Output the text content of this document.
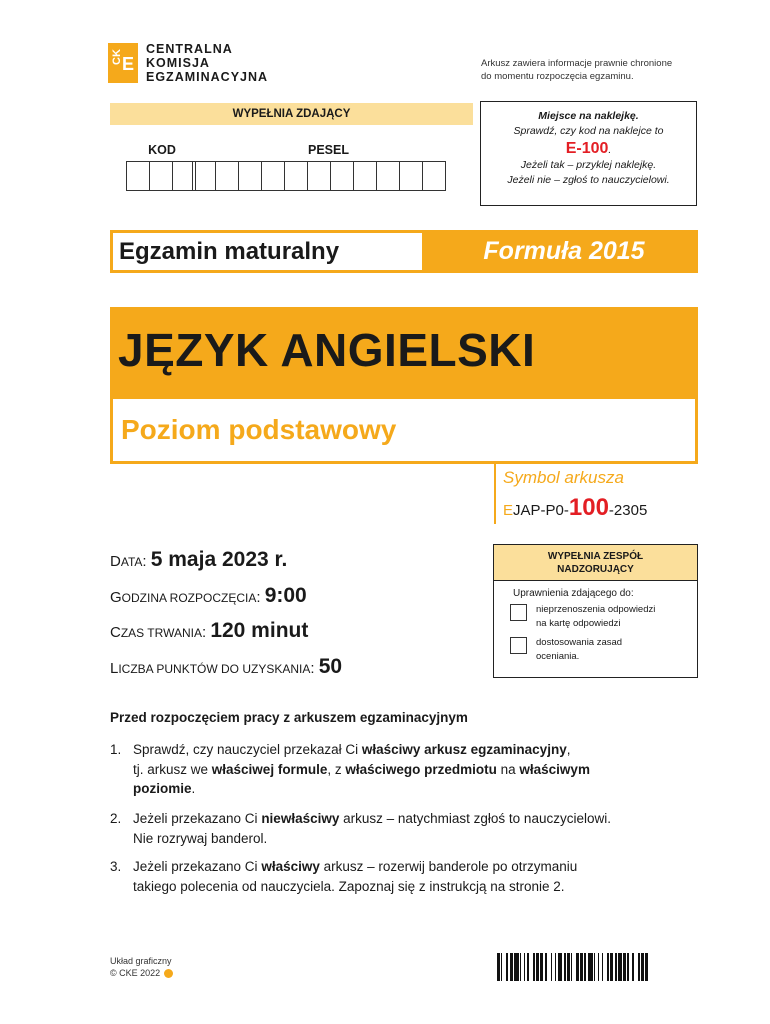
CK E
CENTRALNA
KOMISJA
EGZAMINACYJNA
Arkusz zawiera informacje prawnie chronione
do momentu rozpoczęcia egzaminu.
WYPEŁNIA ZDAJĄCY
KOD	PESEL
Miejsce na naklejkę.
Sprawdź, czy kod na naklejce to
E-100.
Jeżeli tak – przyklej naklejkę.
Jeżeli nie – zgłoś to nauczycielowi.
Egzamin maturalny	Formuła 2015
JĘZYK ANGIELSKI
Poziom podstawowy
Symbol arkusza
EJAP-P0-100-2305
DATA: 5 maja 2023 r.
GODZINA ROZPOCZĘCIA: 9:00
CZAS TRWANIA: 120 minut
LICZBA PUNKTÓW DO UZYSKANIA: 50
WYPEŁNIA ZESPÓŁ
NADZORUJĄCY
Uprawnienia zdającego do:
nieprzenoszenia odpowiedzi
na kartę odpowiedzi
dostosowania zasad
oceniania.
Przed rozpoczęciem pracy z arkuszem egzaminacyjnym
1. Sprawdź, czy nauczyciel przekazał Ci właściwy arkusz egzaminacyjny,
tj. arkusz we właściwej formule, z właściwego przedmiotu na właściwym
poziomie.
2. Jeżeli przekazano Ci niewłaściwy arkusz – natychmiast zgłoś to nauczycielowi.
Nie rozrywaj banderol.
3. Jeżeli przekazano Ci właściwy arkusz – rozerwij banderole po otrzymaniu
takiego polecenia od nauczyciela. Zapoznaj się z instrukcją na stronie 2.
Układ graficzny
© CKE 2022
